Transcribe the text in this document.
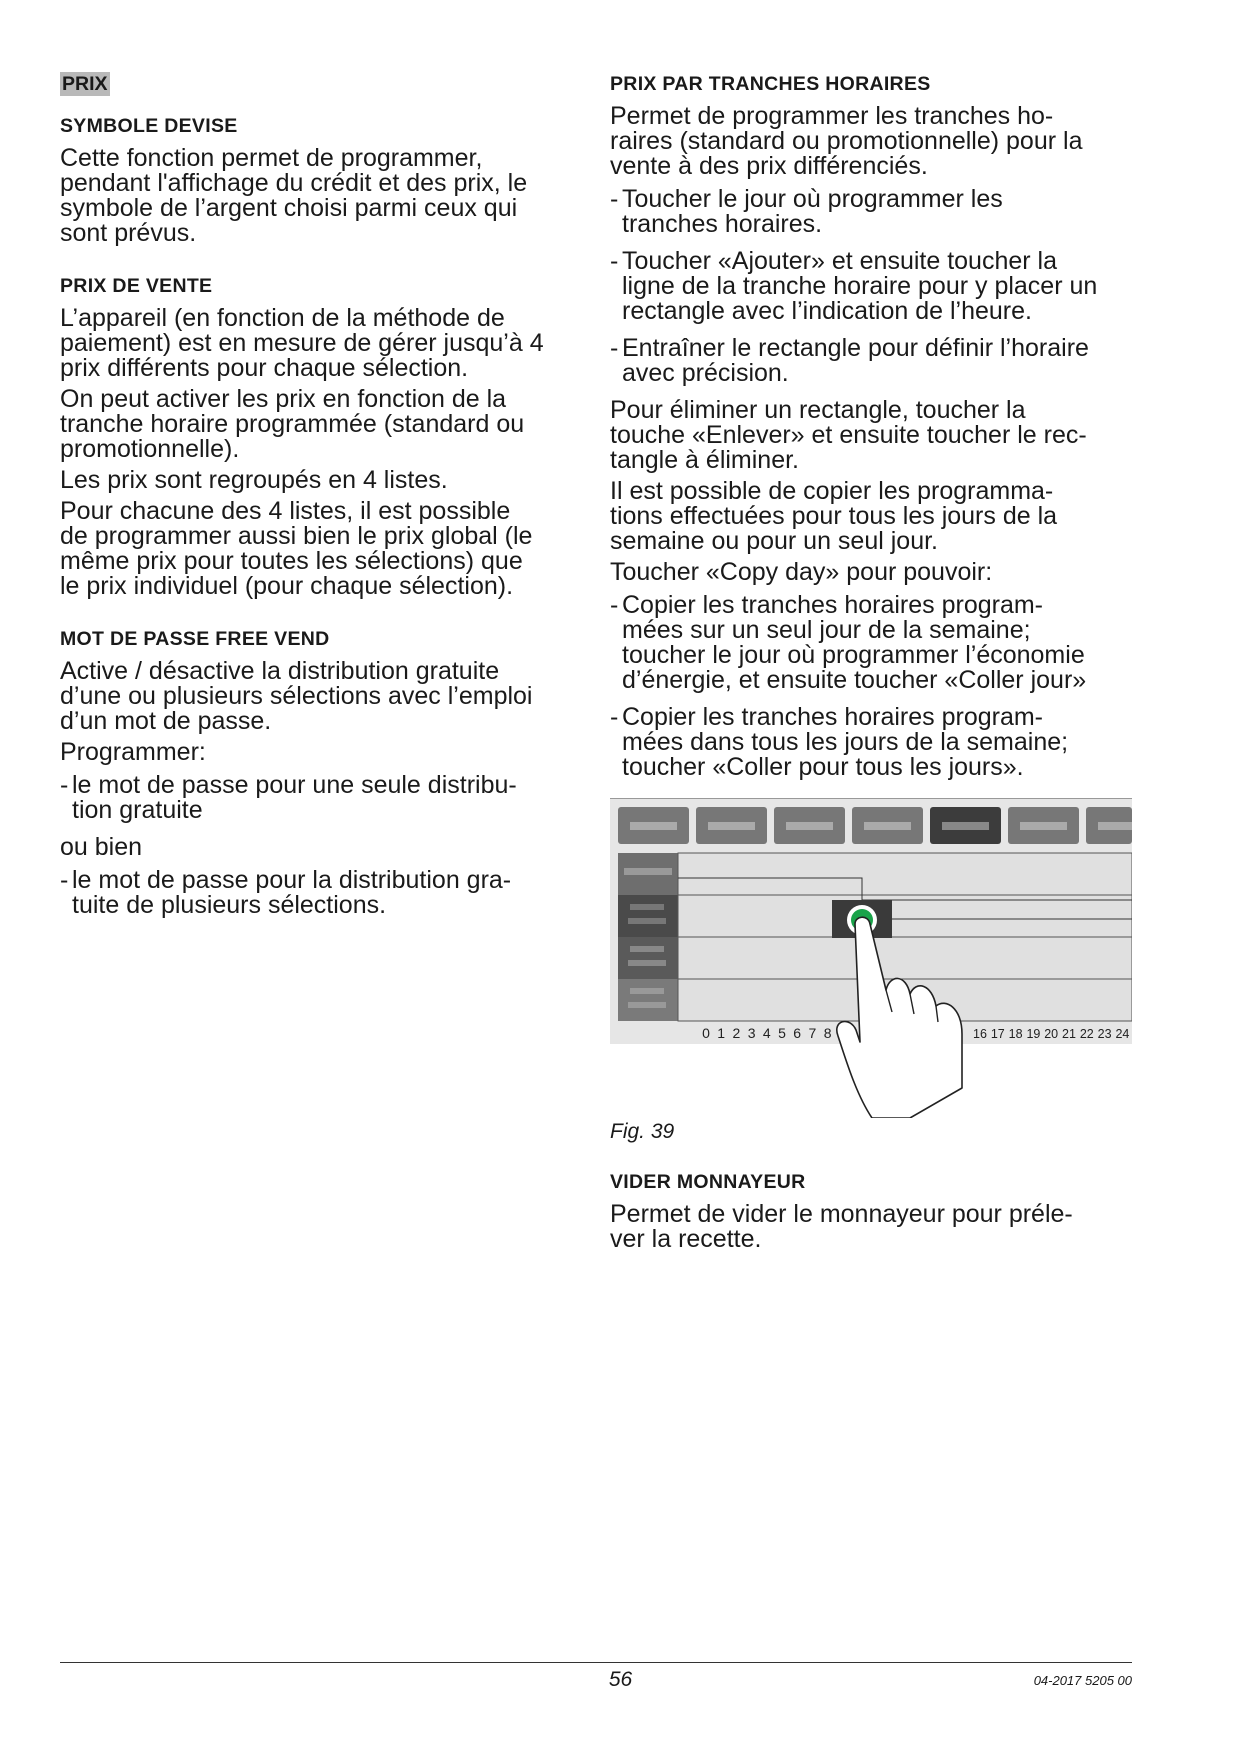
PRIX
SYMBOLE DEVISE
Cette fonction permet de programmer,
pendant l'affichage du crédit et des prix, le
symbole de l’argent choisi parmi ceux qui
sont prévus.
PRIX DE VENTE
L’appareil (en fonction de la méthode de
paiement) est en mesure de gérer jusqu’à 4
prix différents pour chaque sélection.
On peut activer les prix en fonction de la
tranche horaire programmée (standard ou
promotionnelle).
Les prix sont regroupés en 4 listes.
Pour chacune des 4 listes, il est possible
de programmer aussi bien le prix global (le
même prix pour toutes les sélections) que
le prix individuel (pour chaque sélection).
MOT DE PASSE FREE VEND
Active / désactive la distribution gratuite
d’une ou plusieurs sélections avec l’emploi
d’un mot de passe.
Programmer:
- le mot de passe pour une seule distribu-
tion gratuite
ou bien
- le mot de passe pour la distribution gra-
tuite de plusieurs sélections.
PRIX PAR TRANCHES HORAIRES
Permet de programmer les tranches ho-
raires (standard ou promotionnelle) pour la
vente à des prix différenciés.
- Toucher le jour où programmer les
tranches horaires.
- Toucher «Ajouter» et ensuite toucher la
ligne de la tranche horaire pour y placer un
rectangle avec l’indication de l’heure.
- Entraîner le rectangle pour définir l’horaire
avec précision.
Pour éliminer un rectangle, toucher la
touche «Enlever» et ensuite toucher le rec-
tangle à éliminer.
Il est possible de copier les programma-
tions effectuées pour tous les jours de la
semaine ou pour un seul jour.
Toucher «Copy day» pour pouvoir:
- Copier les tranches horaires program-
mées sur un seul jour de la semaine;
toucher le jour où programmer l’économie
d’énergie, et ensuite toucher «Coller jour»
- Copier les tranches horaires program-
mées dans tous les jours de la semaine;
toucher «Coller pour tous les jours».
0 1 2 3 4 5 6 7 8	16 17 18 19 20 21 22 23 24
Fig. 39
VIDER MONNAYEUR
Permet de vider le monnayeur pour préle-
ver la recette.
56	04-2017 5205 00
